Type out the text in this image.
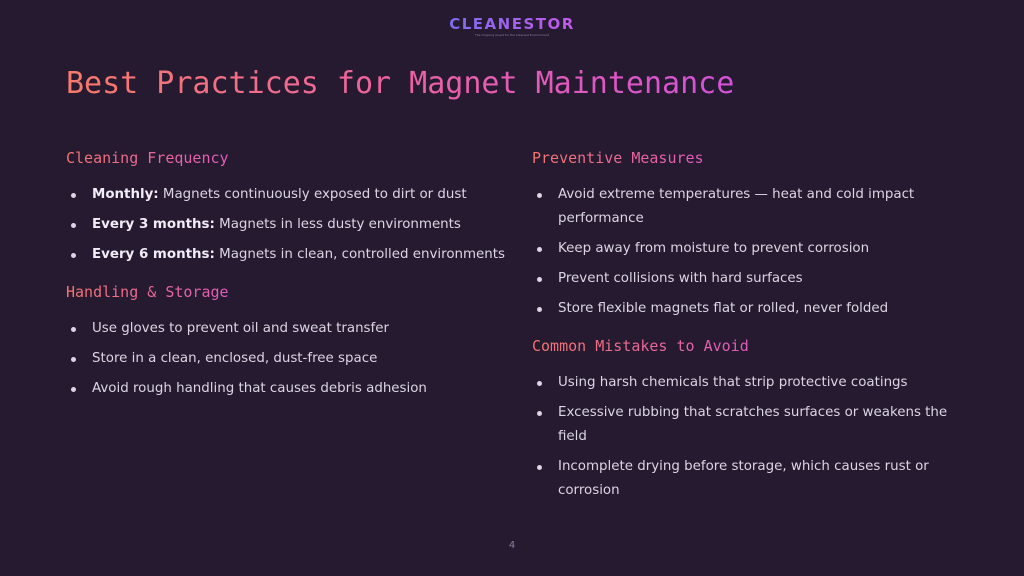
CLEANESTOR
The Ongoing Quest for the Cleanest Environment
Best Practices for Magnet Maintenance
Cleaning Frequency
Monthly: Magnets continuously exposed to dirt or dust
Every 3 months: Magnets in less dusty environments
Every 6 months: Magnets in clean, controlled environments
Handling & Storage
Use gloves to prevent oil and sweat transfer
Store in a clean, enclosed, dust-free space
Avoid rough handling that causes debris adhesion
Preventive Measures
Avoid extreme temperatures — heat and cold impact performance
Keep away from moisture to prevent corrosion
Prevent collisions with hard surfaces
Store flexible magnets flat or rolled, never folded
Common Mistakes to Avoid
Using harsh chemicals that strip protective coatings
Excessive rubbing that scratches surfaces or weakens the field
Incomplete drying before storage, which causes rust or corrosion
4
